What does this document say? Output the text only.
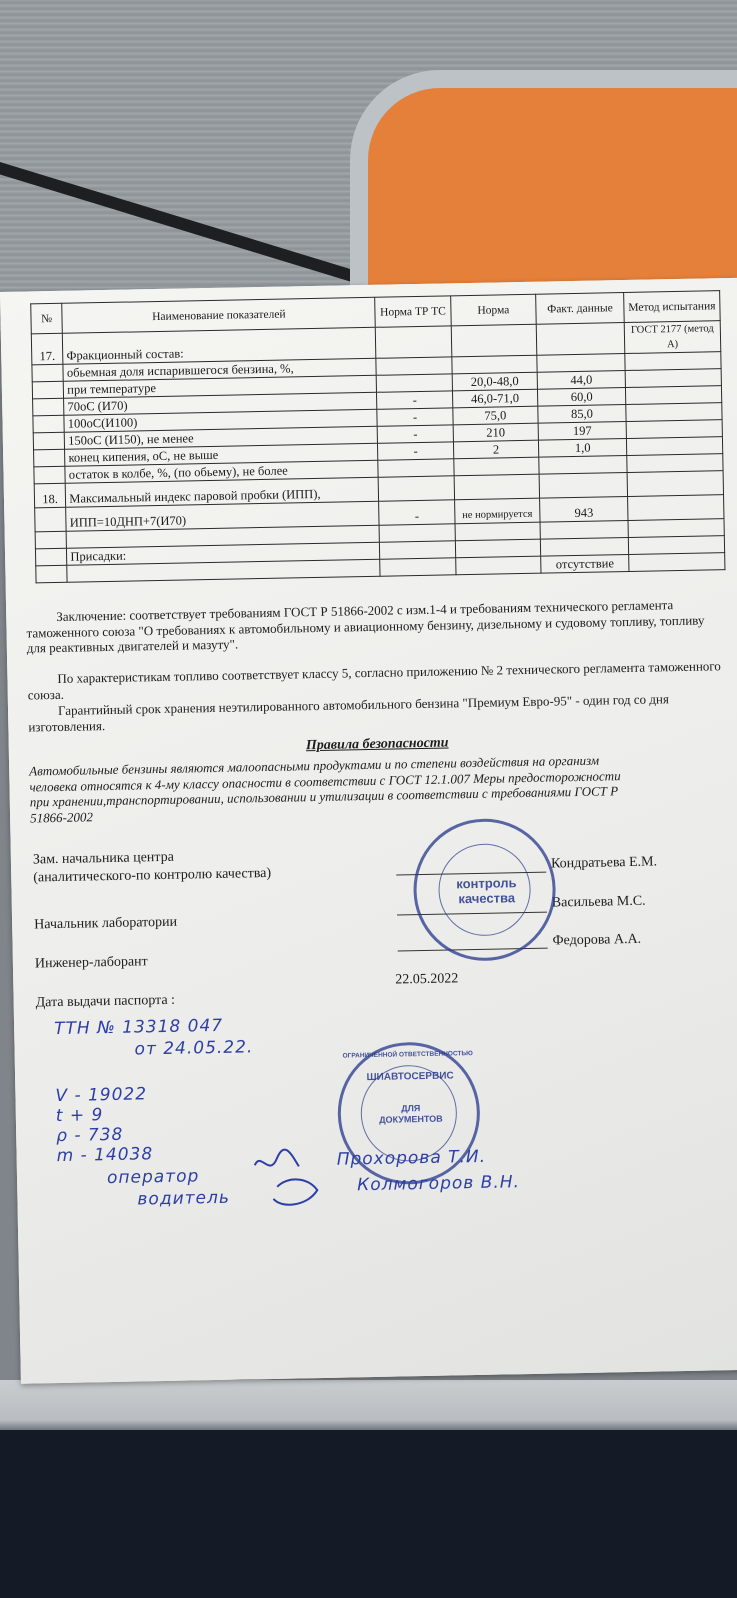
№	Наименование показателей	Норма ТР ТС	Норма	Факт. данные	Метод испытания
17.	Фракционный состав:				ГОСТ 2177 (метод А)
	обьемная доля испарившегося бензина, %,				
	при температуре		20,0-48,0	44,0	
	70оС (И70)	-	46,0-71,0	60,0	
	100оС(И100)	-	75,0	85,0	
	150оС (И150), не менее	-	210	197	
	конец кипения, оС, не выше	-	2	1,0	
	остаток в колбе, %, (по обьему), не более				
18.	Максимальный индекс паровой пробки (ИПП),				
	ИПП=10ДНП+7(И70)	-	не нормируется	943	

	Присадки:				
				отсутствие	
Заключение: соответствует требованиям ГОСТ Р 51866-2002 с изм.1-4 и требованиям технического регламента таможенного союза "О требованиях к автомобильному и авиационному бензину, дизельному и судовому топливу, топливу для реактивных двигателей и мазуту".
По характеристикам топливо соответствует классу 5, согласно приложению № 2 технического регламента таможенного союза.
Гарантийный срок хранения неэтилированного автомобильного бензина "Премиум Евро-95" - один год со дня изготовления.
Правила безопасности
Автомобильные бензины являются малоопасными продуктами и по степени воздействия на организм человека относятся к 4-му классу опасности в соответствии с ГОСТ 12.1.007 Меры предосторожности при хранении,транспортировании, использовании и утилизации в соответствии с требованиями ГОСТ Р 51866-2002
Зам. начальника центра
(аналитического-по контролю качества)
Кондратьева Е.М.
Начальник лаборатории
Васильева М.С.
Инженер-лаборант
Федорова А.А.
Дата выдачи паспорта :
22.05.2022
контроль качества
ОГРАНИЧЕННОЙ ОТВЕТСТВЕННОСТЬЮ
ШИАВТОСЕРВИС
ДЛЯ ДОКУМЕНТОВ
ТТН № 13318 047
от 24.05.22.
V - 19022
t + 9
ρ - 738
m - 14038
оператор
водитель
Прохорова Т.И.
Колмогоров В.Н.
